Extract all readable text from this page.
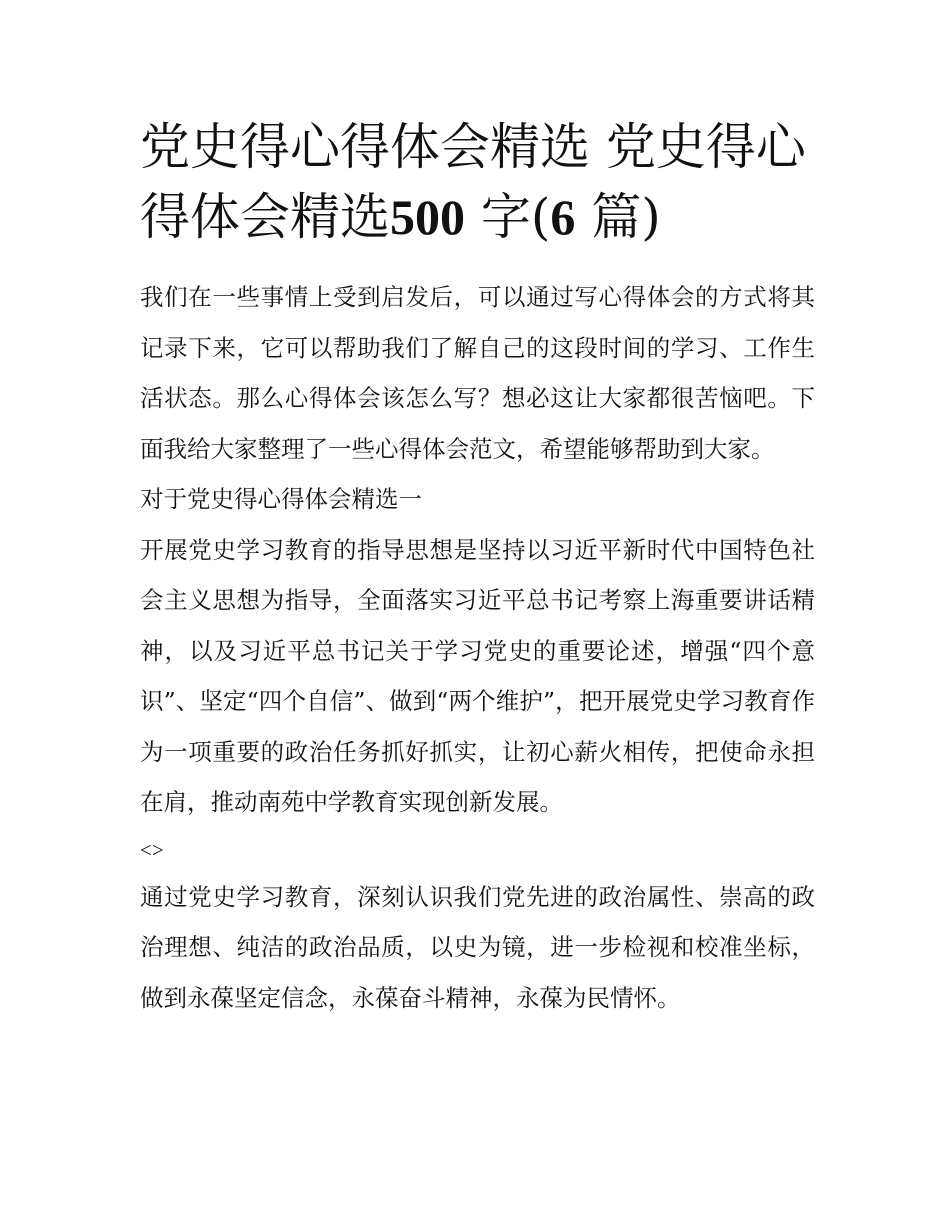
党史得心得体会精选 党史得心得体会精选500 字(6 篇)

我们在一些事情上受到启发后，可以通过写心得体会的方式将其记录下来，它可以帮助我们了解自己的这段时间的学习、工作生活状态。那么心得体会该怎么写？想必这让大家都很苦恼吧。下面我给大家整理了一些心得体会范文，希望能够帮助到大家。

对于党史得心得体会精选一

开展党史学习教育的指导思想是坚持以习近平新时代中国特色社会主义思想为指导，全面落实习近平总书记考察上海重要讲话精神，以及习近平总书记关于学习党史的重要论述，增强“四个意识”、坚定“四个自信”、做到“两个维护”，把开展党史学习教育作为一项重要的政治任务抓好抓实，让初心薪火相传，把使命永担在肩，推动南苑中学教育实现创新发展。

<>

通过党史学习教育，深刻认识我们党先进的政治属性、崇高的政治理想、纯洁的政治品质，以史为镜，进一步检视和校准坐标，做到永葆坚定信念，永葆奋斗精神，永葆为民情怀。
